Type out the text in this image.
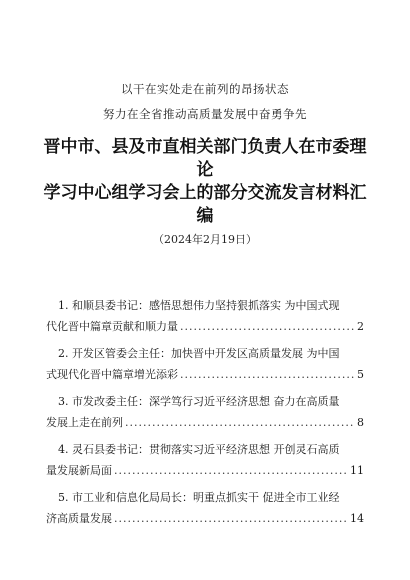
以干在实处走在前列的昂扬状态

努力在全省推动高质量发展中奋勇争先

晋中市、县及市直相关部门负责人在市委理论
学习中心组学习会上的部分交流发言材料汇编
（2024年2月19日）
1. 和顺县委书记：感悟思想伟力坚持狠抓落实 为中国式现
代化晋中篇章贡献和顺力量 .....	2
2. 开发区管委会主任：加快晋中开发区高质量发展 为中国
式现代化晋中篇章增光添彩 .....	5
3. 市发改委主任：深学笃行习近平经济思想 奋力在高质量
发展上走在前列 .....	8
4. 灵石县委书记：贯彻落实习近平经济思想 开创灵石高质
量发展新局面 .....	11
5. 市工业和信息化局局长：明重点抓实干 促进全市工业经
济高质量发展 .....	14
